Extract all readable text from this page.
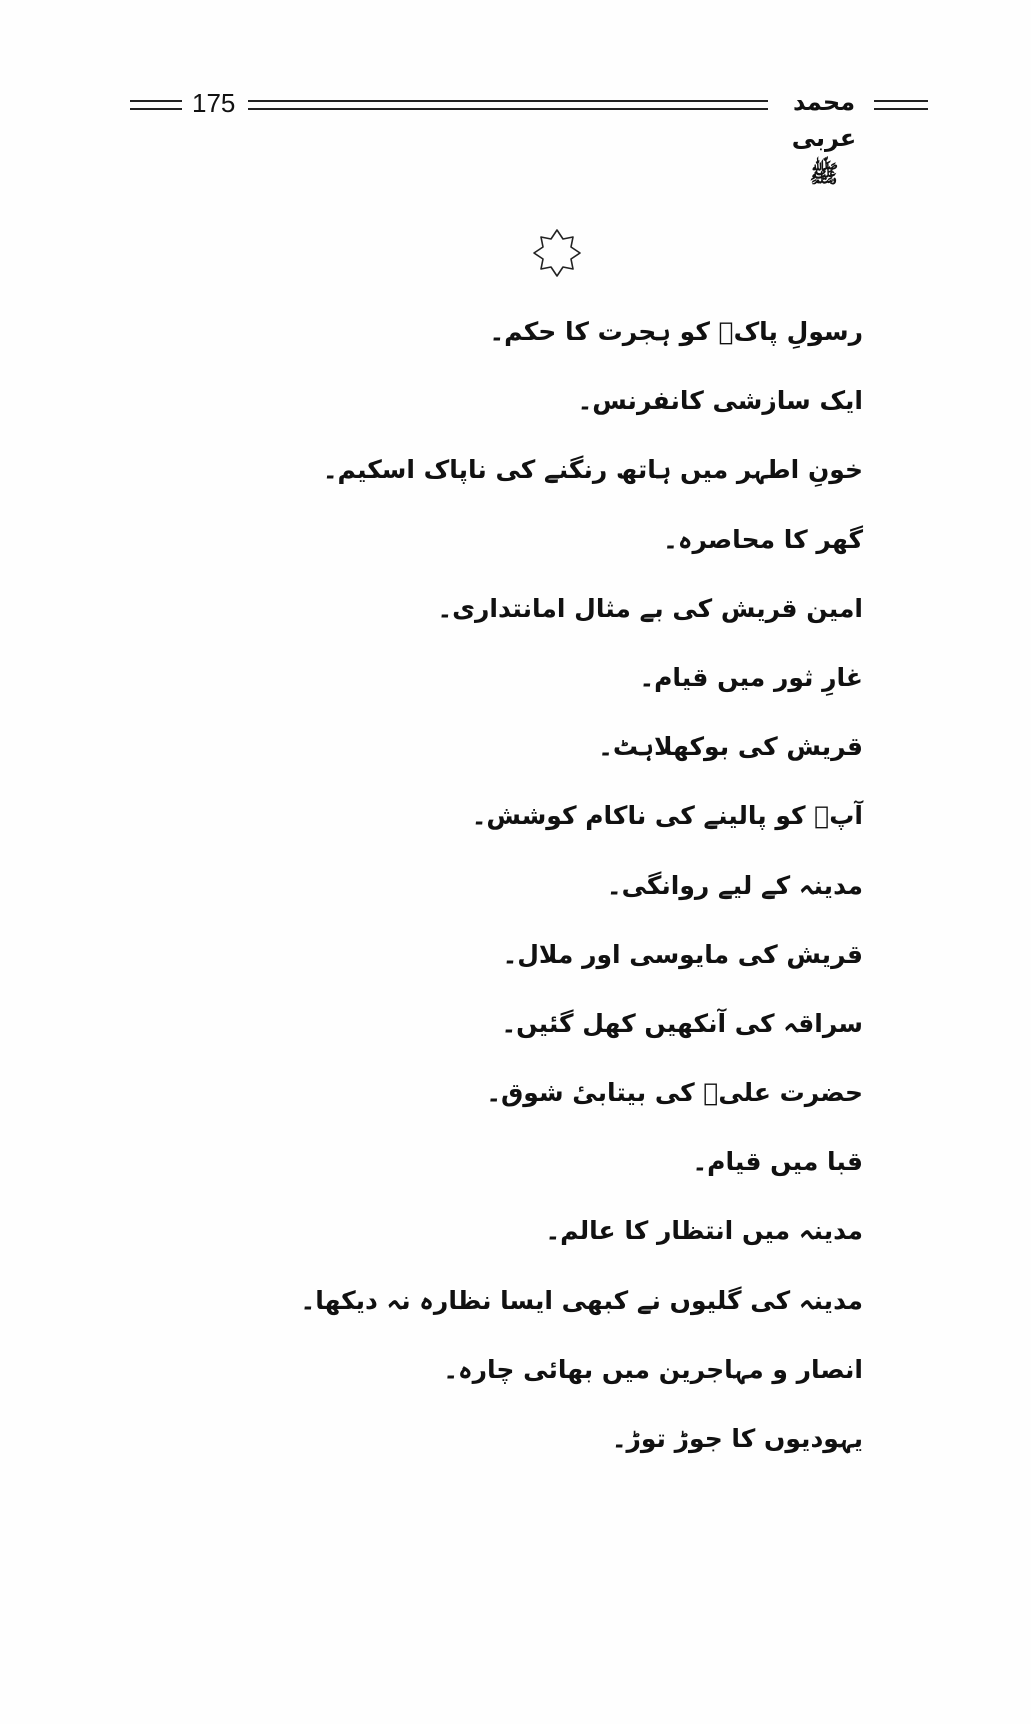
175	محمد عربی ﷺ
رسولِ پاکؐ کو ہجرت کا حکم۔
ایک سازشی کانفرنس۔
خونِ اطہر میں ہاتھ رنگنے کی ناپاک اسکیم۔
گھر کا محاصرہ۔
امین قریش کی بے مثال امانتداری۔
غارِ ثور میں قیام۔
قریش کی بوکھلاہٹ۔
آپؐ کو پالینے کی ناکام کوشش۔
مدینہ کے لیے روانگی۔
قریش کی مایوسی اور ملال۔
سراقہ کی آنکھیں کھل گئیں۔
حضرت علیؓ کی بیتابیٔ شوق۔
قبا میں قیام۔
مدینہ میں انتظار کا عالم۔
مدینہ کی گلیوں نے کبھی ایسا نظارہ نہ دیکھا۔
انصار و مہاجرین میں بھائی چارہ۔
یہودیوں کا جوڑ توڑ۔
